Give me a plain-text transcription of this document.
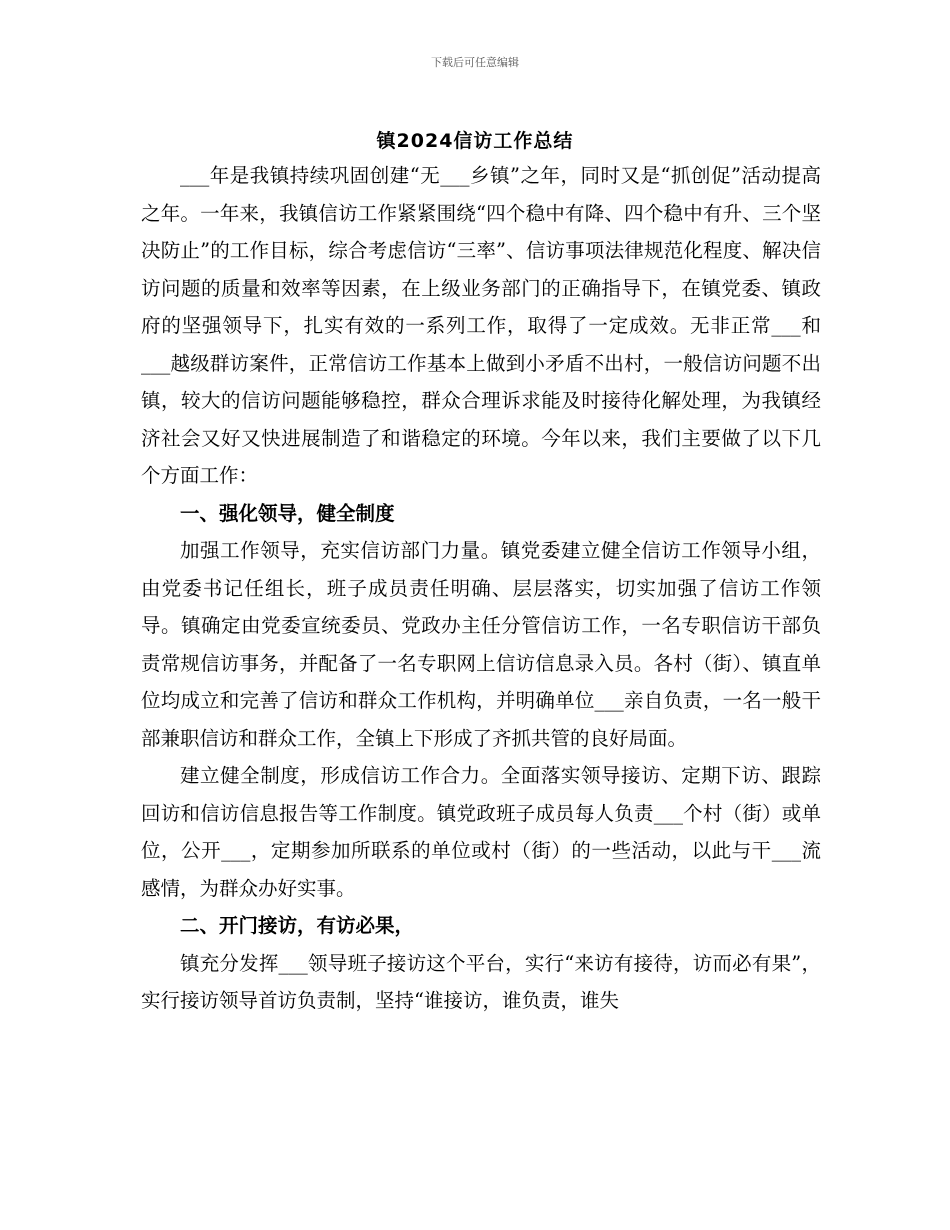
下载后可任意编辑
镇2024信访工作总结

___年是我镇持续巩固创建“无___乡镇”之年，同时又是“抓创促”活动提高之年。一年来，我镇信访工作紧紧围绕“四个稳中有降、四个稳中有升、三个坚决防止”的工作目标，综合考虑信访“三率”、信访事项法律规范化程度、解决信访问题的质量和效率等因素，在上级业务部门的正确指导下，在镇党委、镇政府的坚强领导下，扎实有效的一系列工作，取得了一定成效。无非正常___和___越级群访案件，正常信访工作基本上做到小矛盾不出村，一般信访问题不出镇，较大的信访问题能够稳控，群众合理诉求能及时接待化解处理，为我镇经济社会又好又快进展制造了和谐稳定的环境。今年以来，我们主要做了以下几个方面工作：

一、强化领导，健全制度

加强工作领导，充实信访部门力量。镇党委建立健全信访工作领导小组，由党委书记任组长，班子成员责任明确、层层落实，切实加强了信访工作领导。镇确定由党委宣统委员、党政办主任分管信访工作，一名专职信访干部负责常规信访事务，并配备了一名专职网上信访信息录入员。各村（街）、镇直单位均成立和完善了信访和群众工作机构，并明确单位___亲自负责，一名一般干部兼职信访和群众工作，全镇上下形成了齐抓共管的良好局面。

建立健全制度，形成信访工作合力。全面落实领导接访、定期下访、跟踪回访和信访信息报告等工作制度。镇党政班子成员每人负责___个村（街）或单位，公开___，定期参加所联系的单位或村（街）的一些活动，以此与干___流感情，为群众办好实事。

二、开门接访，有访必果，

镇充分发挥___领导班子接访这个平台，实行“来访有接待，访而必有果”，实行接访领导首访负责制，坚持“谁接访，谁负责，谁失
